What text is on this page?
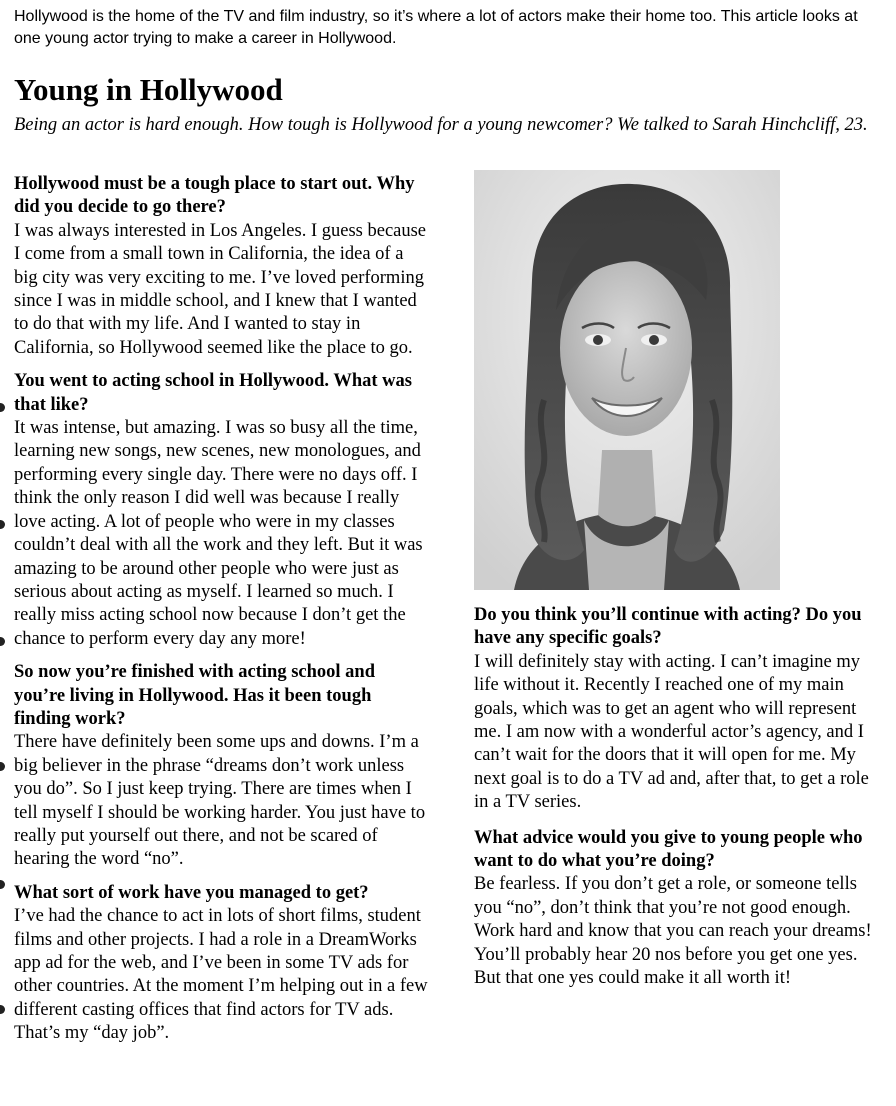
Hollywood is the home of the TV and film industry, so it’s where a lot of actors make their home too. This article looks at one young actor trying to make a career in Hollywood.
Young in Hollywood
Being an actor is hard enough. How tough is Hollywood for a young newcomer? We talked to Sarah Hinchcliff, 23.
Hollywood must be a tough place to start out. Why did you decide to go there?
I was always interested in Los Angeles. I guess because I come from a small town in California, the idea of a big city was very exciting to me. I’ve loved performing since I was in middle school, and I knew that I wanted to do that with my life. And I wanted to stay in California, so Hollywood seemed like the place to go.
You went to acting school in Hollywood. What was that like?
It was intense, but amazing. I was so busy all the time, learning new songs, new scenes, new monologues, and performing every single day. There were no days off. I think the only reason I did well was because I really love acting. A lot of people who were in my classes couldn’t deal with all the work and they left. But it was amazing to be around other people who were just as serious about acting as myself. I learned so much. I really miss acting school now because I don’t get the chance to perform every day any more!
So now you’re finished with acting school and you’re living in Hollywood. Has it been tough finding work?
There have definitely been some ups and downs. I’m a big believer in the phrase “dreams don’t work unless you do”. So I just keep trying. There are times when I tell myself I should be working harder. You just have to really put yourself out there, and not be scared of hearing the word “no”.
What sort of work have you managed to get?
I’ve had the chance to act in lots of short films, student films and other projects. I had a role in a DreamWorks app ad for the web, and I’ve been in some TV ads for other countries. At the moment I’m helping out in a few different casting offices that find actors for TV ads. That’s my “day job”.
Do you think you’ll continue with acting? Do you have any specific goals?
I will definitely stay with acting. I can’t imagine my life without it. Recently I reached one of my main goals, which was to get an agent who will represent me. I am now with a wonderful actor’s agency, and I can’t wait for the doors that it will open for me. My next goal is to do a TV ad and, after that, to get a role in a TV series.
What advice would you give to young people who want to do what you’re doing?
Be fearless. If you don’t get a role, or someone tells you “no”, don’t think that you’re not good enough. Work hard and know that you can reach your dreams! You’ll probably hear 20 nos before you get one yes. But that one yes could make it all worth it!
